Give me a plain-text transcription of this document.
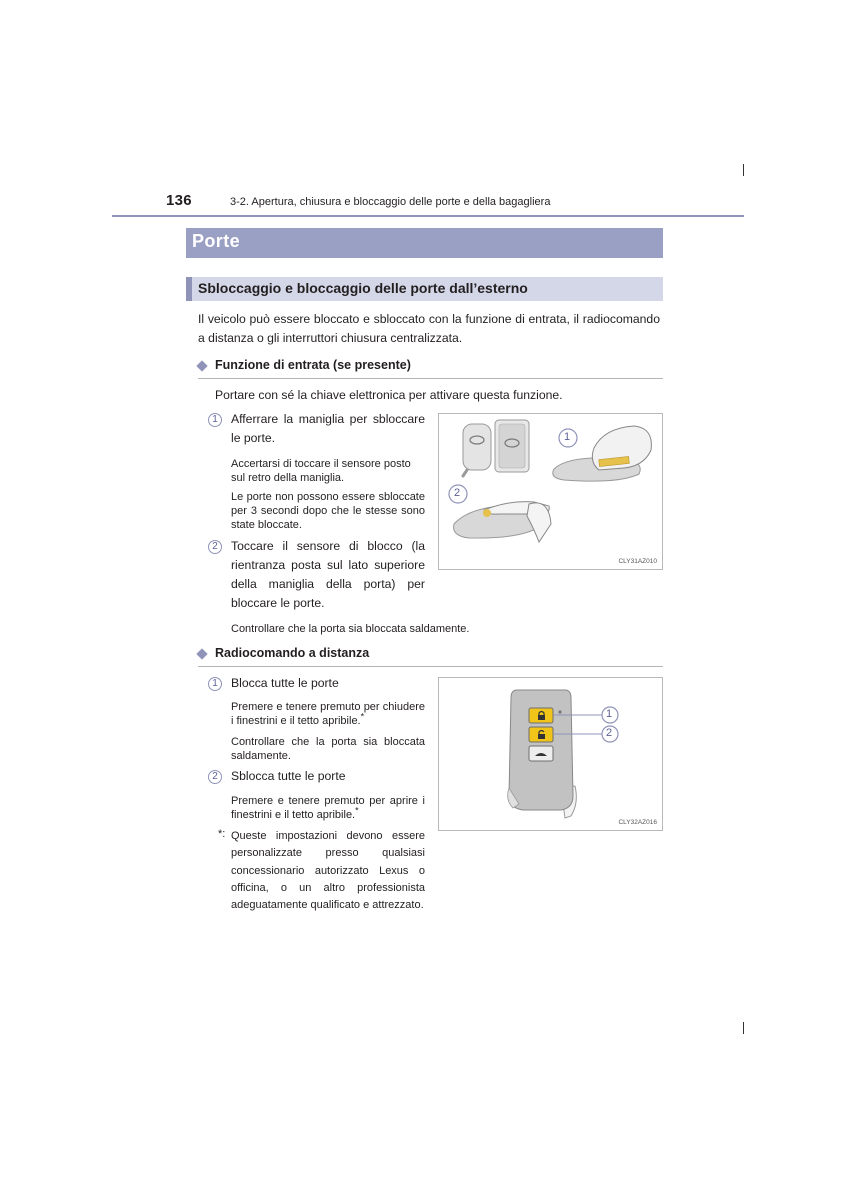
136	3-2. Apertura, chiusura e bloccaggio delle porte e della bagagliera
Porte
Sbloccaggio e bloccaggio delle porte dall’esterno
Il veicolo può essere bloccato e sbloccato con la funzione di entrata, il radiocomando a distanza o gli interruttori chiusura centralizzata.
Funzione di entrata (se presente)
Portare con sé la chiave elettronica per attivare questa funzione.
1	Afferrare la maniglia per sbloccare le porte.
Accertarsi di toccare il sensore posto sul retro della maniglia.
Le porte non possono essere sbloccate per 3 secondi dopo che le stesse sono state bloccate.
2	Toccare il sensore di blocco (la rientranza posta sul lato superiore della maniglia della porta) per bloccare le porte.
Controllare che la porta sia bloccata saldamente.
1
2
CLY31AZ010
Radiocomando a distanza
1	Blocca tutte le porte
Premere e tenere premuto per chiudere i finestrini e il tetto apribile.*
Controllare che la porta sia bloccata saldamente.
2	Sblocca tutte le porte
Premere e tenere premuto per aprire i finestrini e il tetto apribile.*
*: Queste impostazioni devono essere personalizzate presso qualsiasi concessionario autorizzato Lexus o officina, o un altro professionista adeguatamente qualificato e attrezzato.
1
2
CLY32AZ016
